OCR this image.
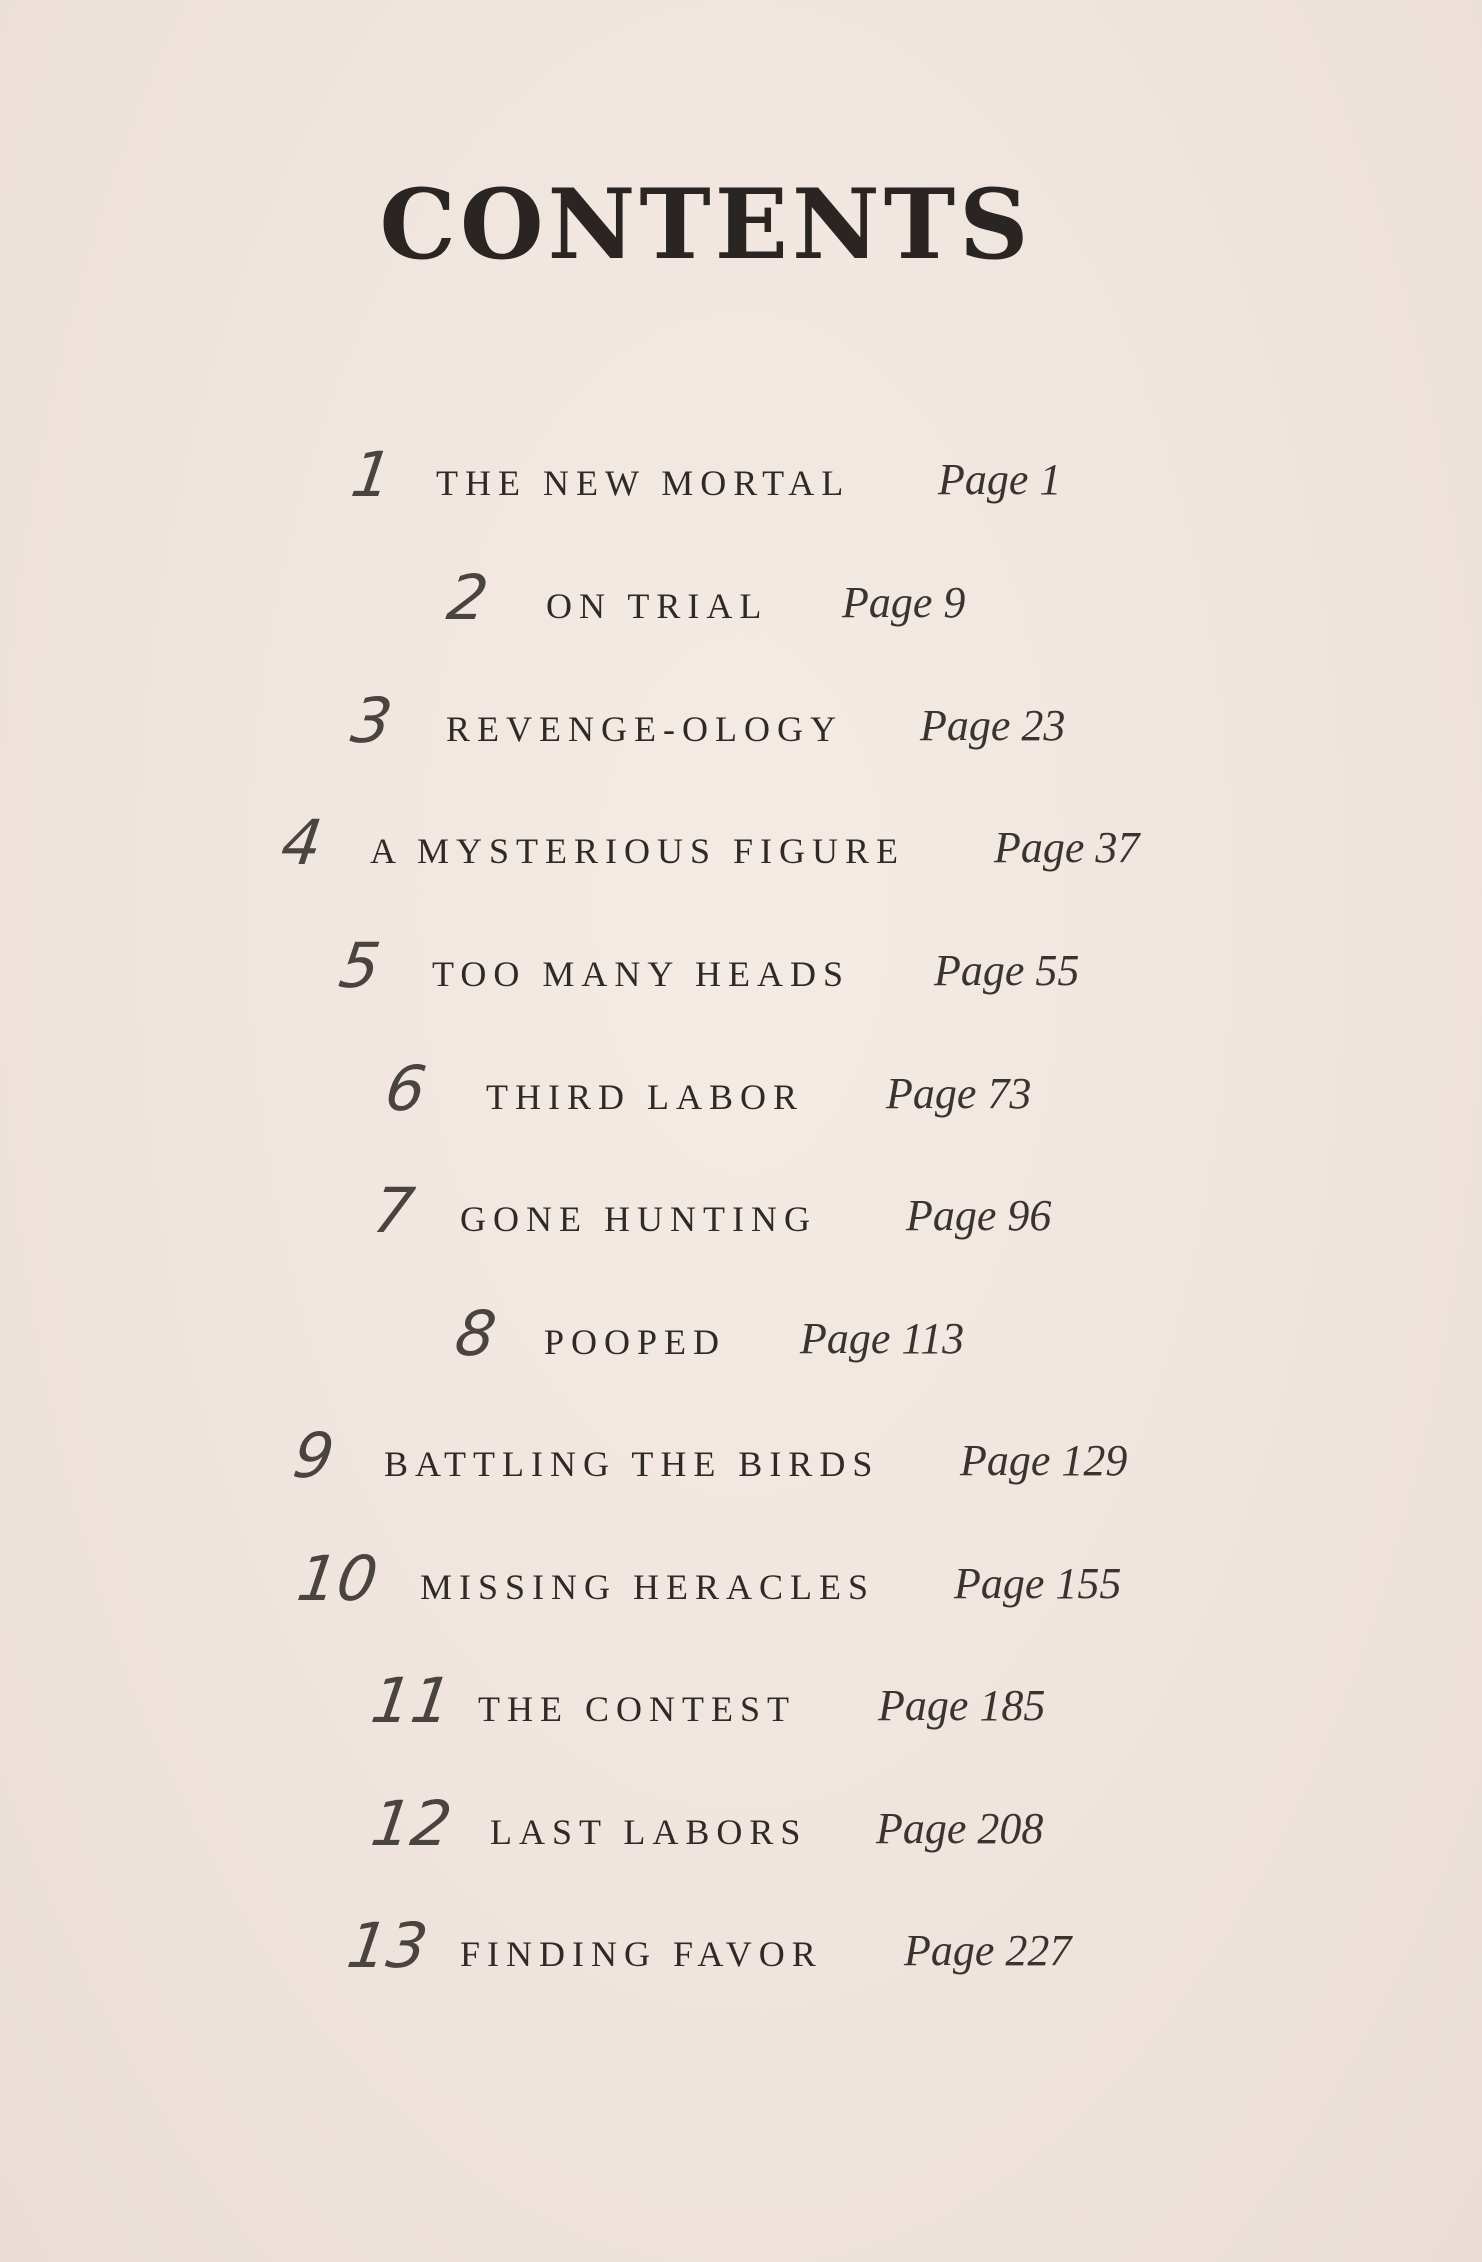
CONTENTS
1 THE NEW MORTAL Page 1
2 ON TRIAL Page 9
3 REVENGE-OLOGY Page 23
4 A MYSTERIOUS FIGURE Page 37
5 TOO MANY HEADS Page 55
6 THIRD LABOR Page 73
7 GONE HUNTING Page 96
8 POOPED Page 113
9 BATTLING THE BIRDS Page 129
10 MISSING HERACLES Page 155
11 THE CONTEST Page 185
12 LAST LABORS Page 208
13 FINDING FAVOR Page 227
